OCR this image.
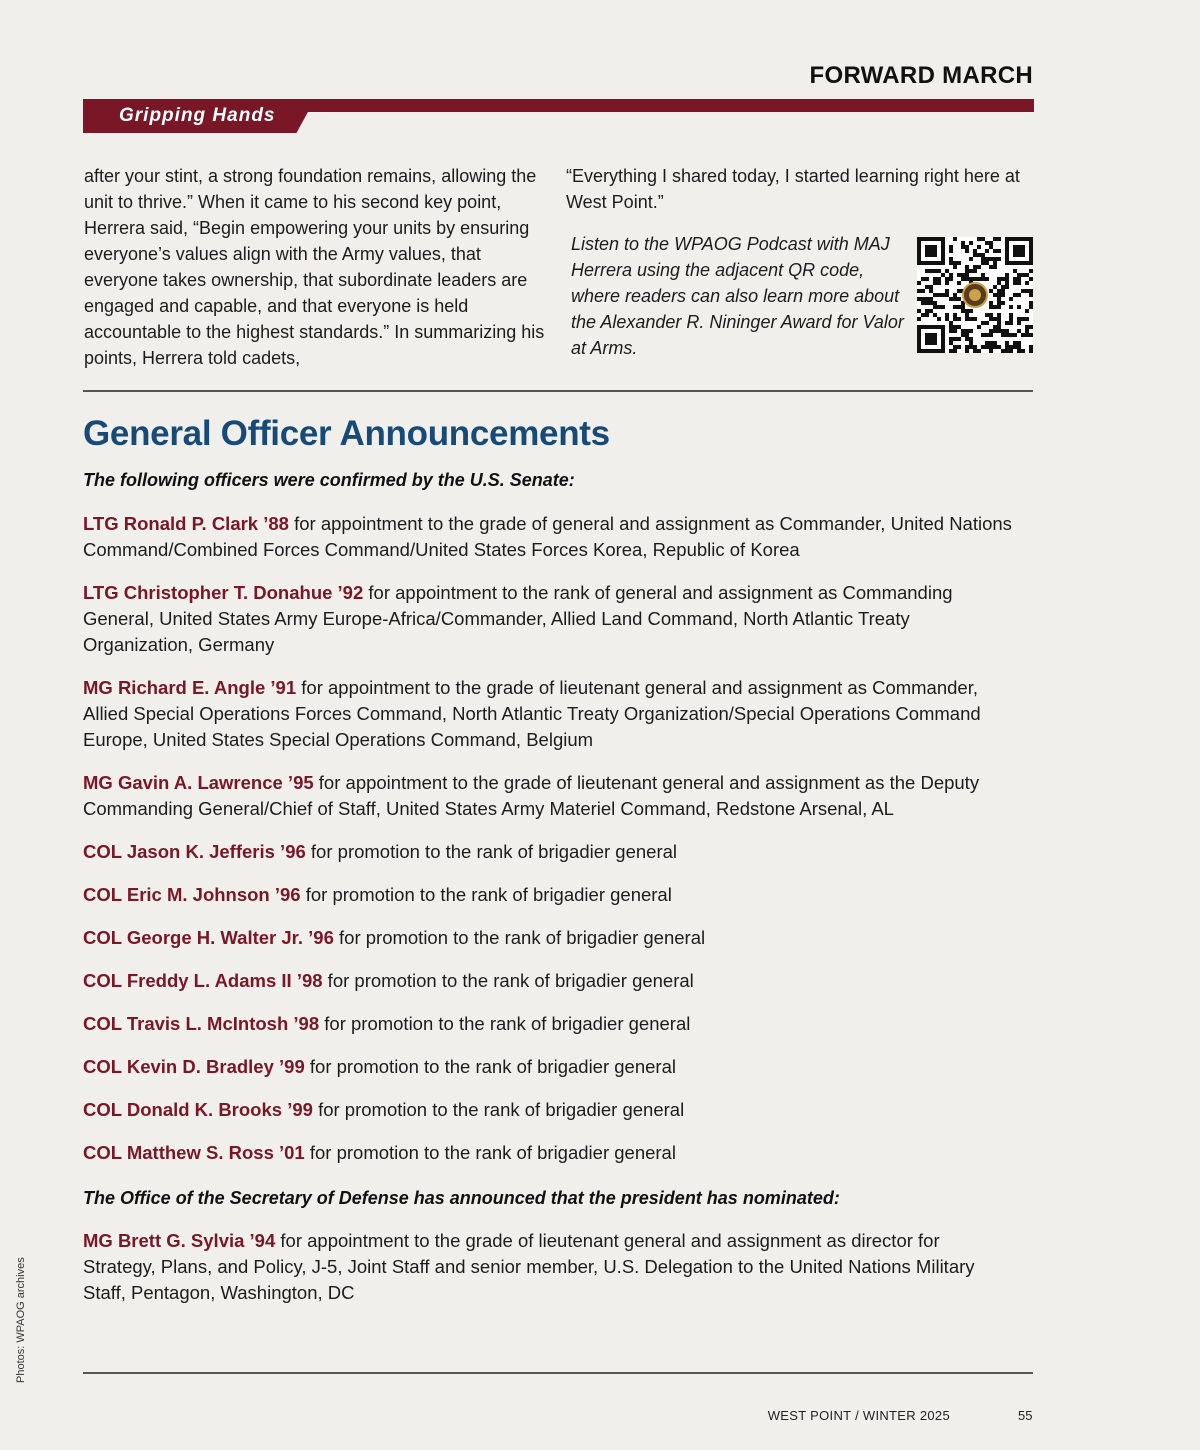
FORWARD MARCH
Gripping Hands
after your stint, a strong foundation remains, allowing the unit to thrive.” When it came to his second key point, Herrera said, “Begin empowering your units by ensuring everyone’s values align with the Army values, that everyone takes ownership, that subordinate leaders are engaged and capable, and that everyone is held accountable to the highest standards.” In summarizing his points, Herrera told cadets,

“Everything I shared today, I started learning right here at West Point.”

Listen to the WPAOG Podcast with MAJ Herrera using the adjacent QR code, where readers can also learn more about the Alexander R. Nininger Award for Valor at Arms.
General Officer Announcements
The following officers were confirmed by the U.S. Senate:

LTG Ronald P. Clark ’88 for appointment to the grade of general and assignment as Commander, United Nations Command/Combined Forces Command/United States Forces Korea, Republic of Korea

LTG Christopher T. Donahue ’92 for appointment to the rank of general and assignment as Commanding General, United States Army Europe-Africa/Commander, Allied Land Command, North Atlantic Treaty Organization, Germany

MG Richard E. Angle ’91 for appointment to the grade of lieutenant general and assignment as Commander, Allied Special Operations Forces Command, North Atlantic Treaty Organization/Special Operations Command Europe, United States Special Operations Command, Belgium

MG Gavin A. Lawrence ’95 for appointment to the grade of lieutenant general and assignment as the Deputy Commanding General/Chief of Staff, United States Army Materiel Command, Redstone Arsenal, AL

COL Jason K. Jefferis ’96 for promotion to the rank of brigadier general

COL Eric M. Johnson ’96 for promotion to the rank of brigadier general

COL George H. Walter Jr. ’96 for promotion to the rank of brigadier general

COL Freddy L. Adams II ’98 for promotion to the rank of brigadier general

COL Travis L. McIntosh ’98 for promotion to the rank of brigadier general

COL Kevin D. Bradley ’99 for promotion to the rank of brigadier general

COL Donald K. Brooks ’99 for promotion to the rank of brigadier general

COL Matthew S. Ross ’01 for promotion to the rank of brigadier general

The Office of the Secretary of Defense has announced that the president has nominated:

MG Brett G. Sylvia ’94 for appointment to the grade of lieutenant general and assignment as director for Strategy, Plans, and Policy, J-5, Joint Staff and senior member, U.S. Delegation to the United Nations Military Staff, Pentagon, Washington, DC

Photos: WPAOG archives
WEST POINT / WINTER 2025	55
